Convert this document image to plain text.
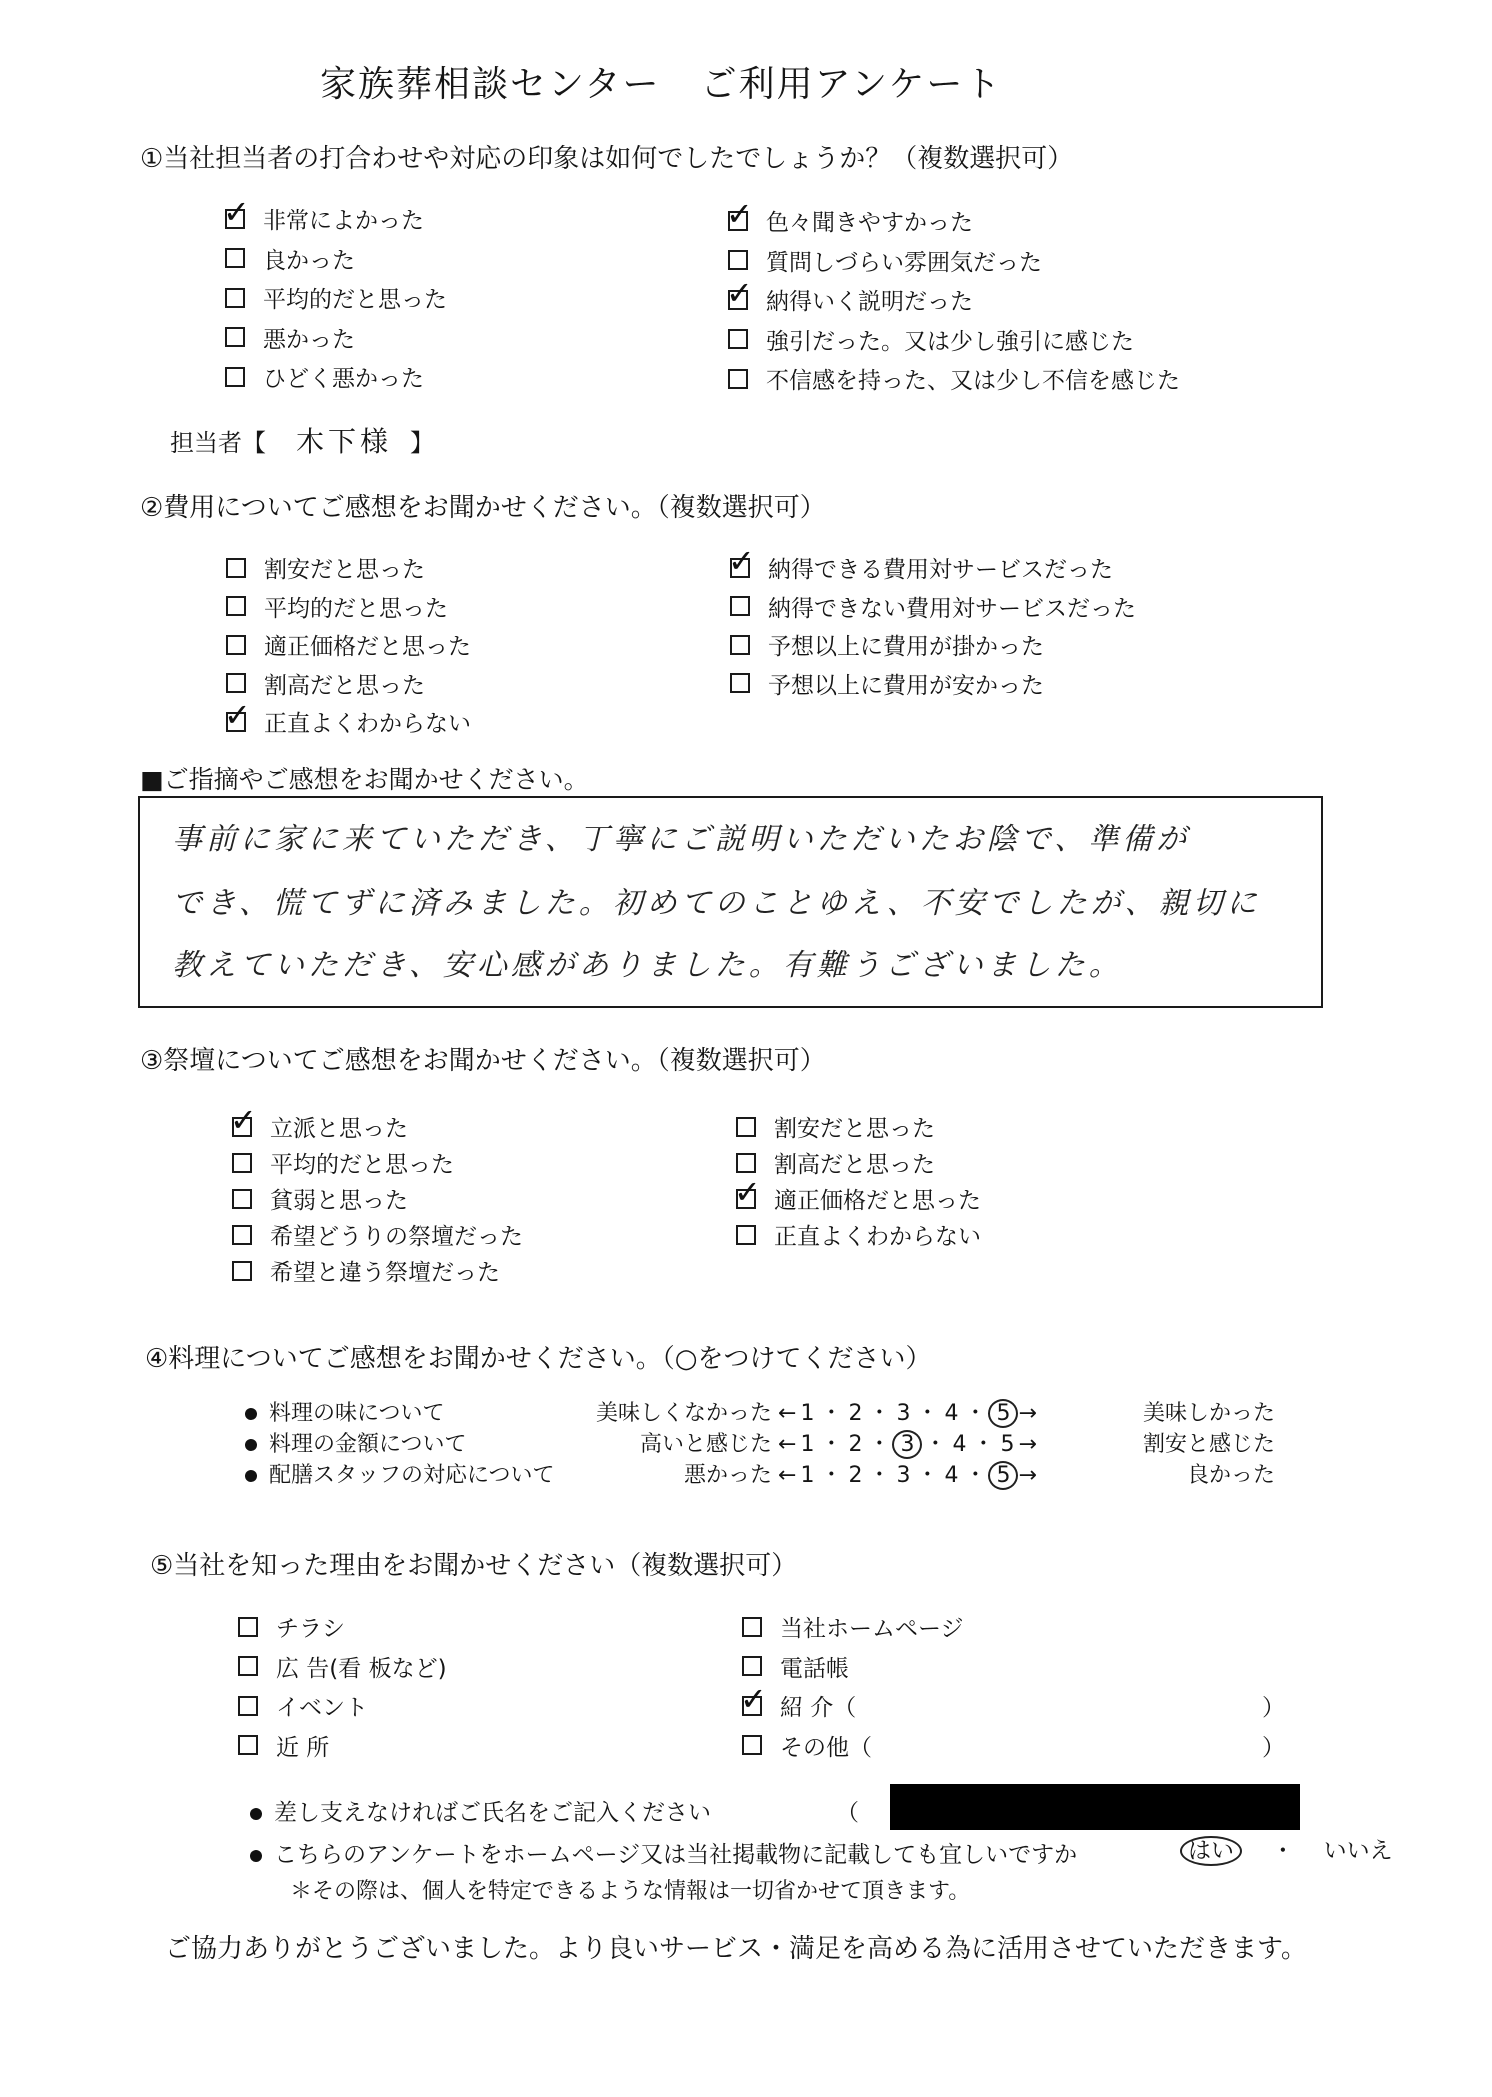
家族葬相談センター ご利用アンケート
①当社担当者の打合わせや対応の印象は如何でしたでしょうか？（複数選択可）
✓ 非常によかった
良かった
平均的だと思った
悪かった
ひどく悪かった
✓ 色々聞きやすかった
質問しづらい雰囲気だった
✓ 納得いく説明だった
強引だった。又は少し強引に感じた
不信感を持った、又は少し不信を感じた
担当者【 木下様 】
②費用についてご感想をお聞かせください。（複数選択可）
割安だと思った
平均的だと思った
適正価格だと思った
割高だと思った
✓ 正直よくわからない
✓ 納得できる費用対サービスだった
納得できない費用対サービスだった
予想以上に費用が掛かった
予想以上に費用が安かった
■ご指摘やご感想をお聞かせください。
事前に家に来ていただき、丁寧にご説明いただいたお陰で、準備が
でき、慌てずに済みました。初めてのことゆえ、不安でしたが、親切に
教えていただき、安心感がありました。有難うございました。
③祭壇についてご感想をお聞かせください。（複数選択可）
✓ 立派と思った
平均的だと思った
貧弱と思った
希望どうりの祭壇だった
希望と違う祭壇だった
割安だと思った
割高だと思った
✓ 適正価格だと思った
正直よくわからない
④料理についてご感想をお聞かせください。（○をつけてください）
料理の味について	美味しくなかった ← 1 ・ 2 ・ 3 ・ 4 ・ 5 →	美味しかった
料理の金額について	高いと感じた ← 1 ・ 2 ・ 3 ・ 4 ・ 5 →	割安と感じた
配膳スタッフの対応について	悪かった ← 1 ・ 2 ・ 3 ・ 4 ・ 5 →	良かった
⑤当社を知った理由をお聞かせください（複数選択可）
チラシ
広 告(看 板など)
イベント
近 所
当社ホームページ
電話帳
✓ 紹 介（	）
その他（	）
差し支えなければご氏名をご記入ください	（
こちらのアンケートをホームページ又は当社掲載物に記載しても宜しいですか	はい ・ いいえ
＊その際は、個人を特定できるような情報は一切省かせて頂きます。
ご協力ありがとうございました。より良いサービス・満足を高める為に活用させていただきます。
